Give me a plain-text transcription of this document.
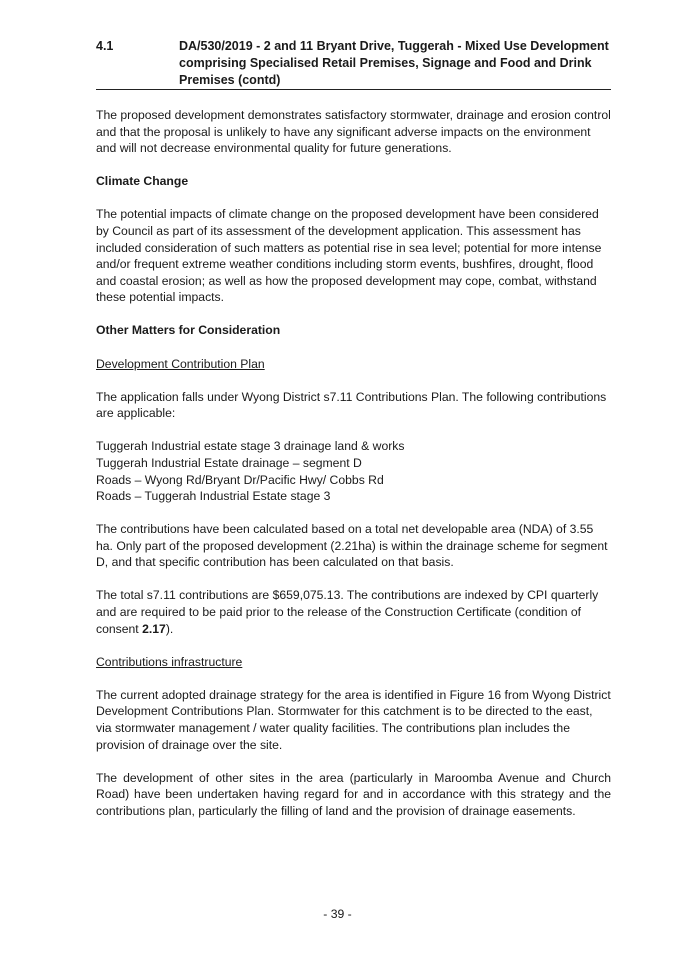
4.1	DA/530/2019 - 2 and 11 Bryant Drive, Tuggerah - Mixed Use Development comprising Specialised Retail Premises, Signage and Food and Drink Premises (contd)

The proposed development demonstrates satisfactory stormwater, drainage and erosion control and that the proposal is unlikely to have any significant adverse impacts on the environment and will not decrease environmental quality for future generations.

Climate Change

The potential impacts of climate change on the proposed development have been considered by Council as part of its assessment of the development application. This assessment has included consideration of such matters as potential rise in sea level; potential for more intense and/or frequent extreme weather conditions including storm events, bushfires, drought, flood and coastal erosion; as well as how the proposed development may cope, combat, withstand these potential impacts.

Other Matters for Consideration
Development Contribution Plan

The application falls under Wyong District s7.11 Contributions Plan. The following contributions are applicable:

Tuggerah Industrial estate stage 3 drainage land & works
Tuggerah Industrial Estate drainage – segment D
Roads – Wyong Rd/Bryant Dr/Pacific Hwy/ Cobbs Rd
Roads – Tuggerah Industrial Estate stage 3

The contributions have been calculated based on a total net developable area (NDA) of 3.55 ha. Only part of the proposed development (2.21ha) is within the drainage scheme for segment D, and that specific contribution has been calculated on that basis.

The total s7.11 contributions are $659,075.13. The contributions are indexed by CPI quarterly and are required to be paid prior to the release of the Construction Certificate (condition of consent 2.17).

Contributions infrastructure

The current adopted drainage strategy for the area is identified in Figure 16 from Wyong District Development Contributions Plan. Stormwater for this catchment is to be directed to the east, via stormwater management / water quality facilities. The contributions plan includes the provision of drainage over the site.

The development of other sites in the area (particularly in Maroomba Avenue and Church Road) have been undertaken having regard for and in accordance with this strategy and the contributions plan, particularly the filling of land and the provision of drainage easements.

- 39 -
